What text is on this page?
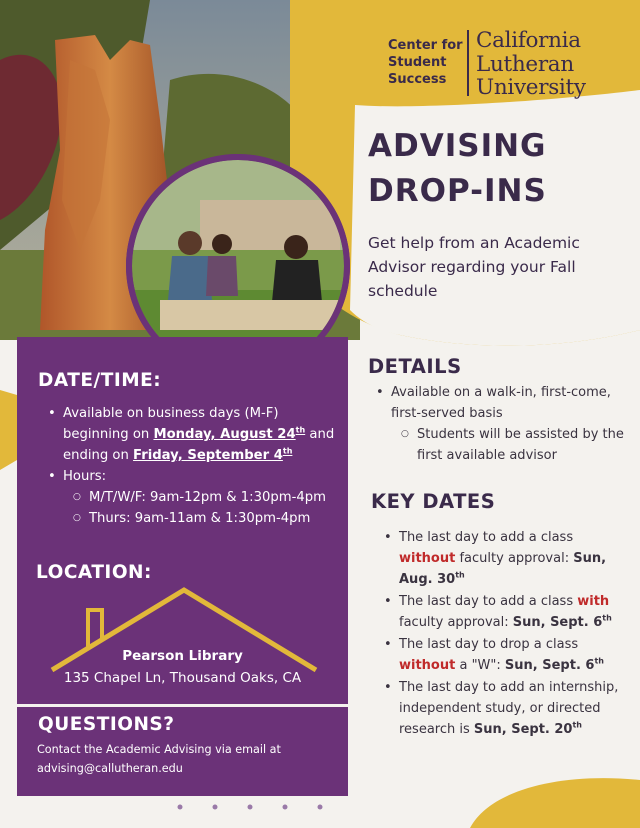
Center for
Student
Success
California
Lutheran
University
ADVISING
DROP-INS
Get help from an Academic Advisor regarding your Fall schedule
DATE/TIME:
• Available on business days (M-F) beginning on Monday, August 24th and ending on Friday, September 4th
• Hours:
○ M/T/W/F: 9am-12pm & 1:30pm-4pm
○ Thurs: 9am-11am & 1:30pm-4pm
LOCATION:
Pearson Library
135 Chapel Ln, Thousand Oaks, CA
QUESTIONS?
Contact the Academic Advising via email at
advising@callutheran.edu
DETAILS
• Available on a walk-in, first-come, first-served basis
○ Students will be assisted by the first available advisor
KEY DATES
• The last day to add a class without faculty approval: Sun, Aug. 30th
• The last day to add a class with faculty approval: Sun, Sept. 6th
• The last day to drop a class without a "W": Sun, Sept. 6th
• The last day to add an internship, independent study, or directed research is Sun, Sept. 20th
